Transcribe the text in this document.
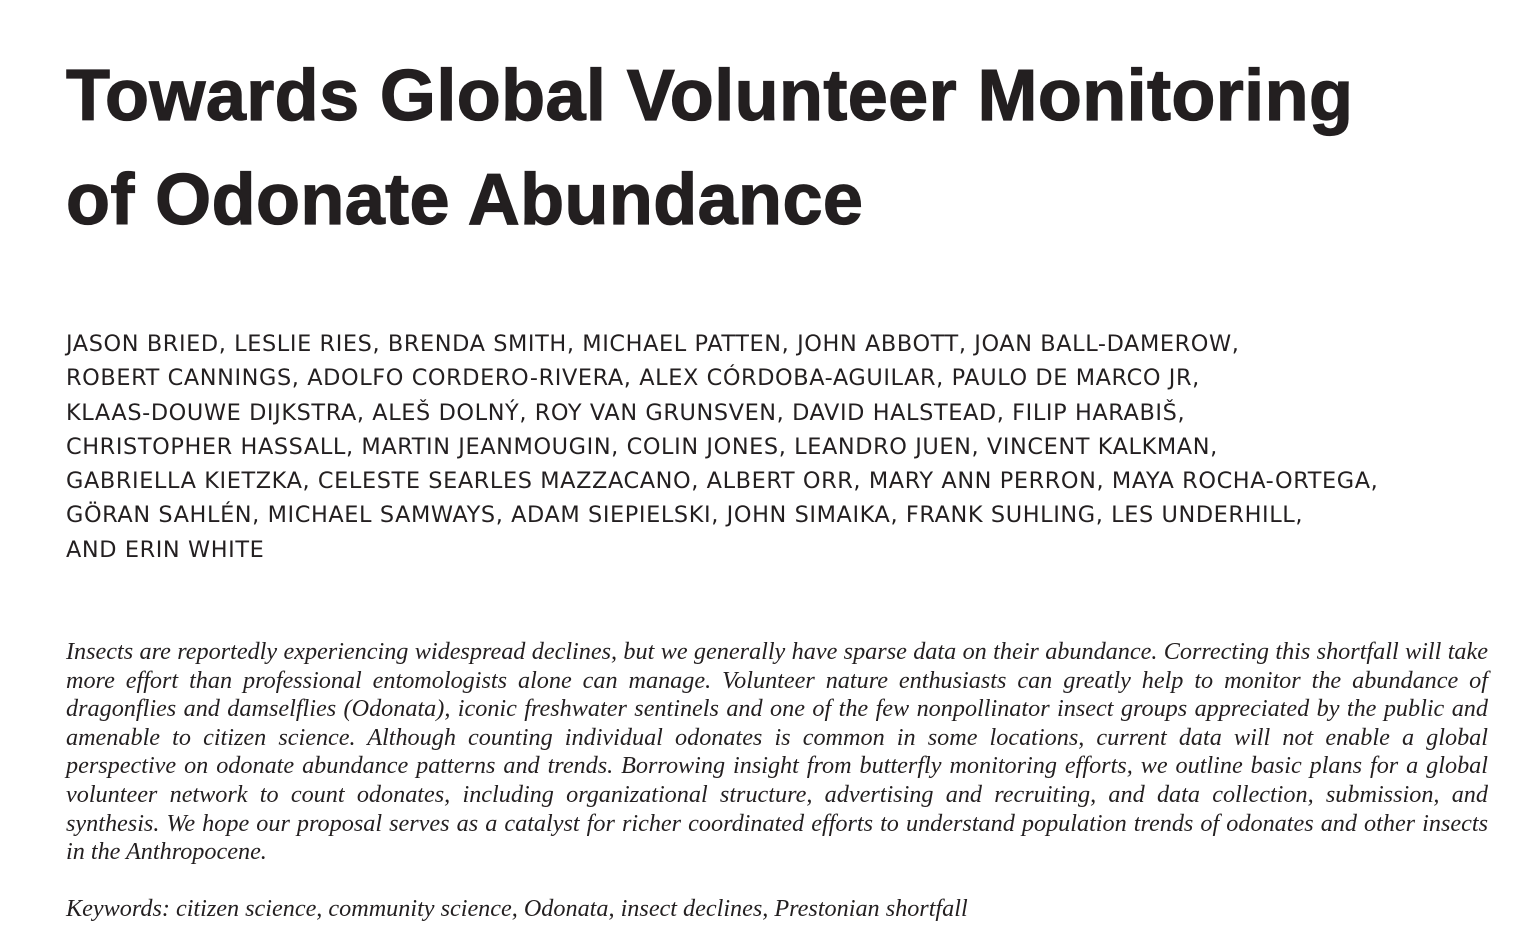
Towards Global Volunteer Monitoring
of Odonate Abundance
JASON BRIED, LESLIE RIES, BRENDA SMITH, MICHAEL PATTEN, JOHN ABBOTT, JOAN BALL-DAMEROW,
ROBERT CANNINGS, ADOLFO CORDERO-RIVERA, ALEX CÓRDOBA-AGUILAR, PAULO DE MARCO JR,
KLAAS-DOUWE DIJKSTRA, ALEŠ DOLNÝ, ROY VAN GRUNSVEN, DAVID HALSTEAD, FILIP HARABIŠ,
CHRISTOPHER HASSALL, MARTIN JEANMOUGIN, COLIN JONES, LEANDRO JUEN, VINCENT KALKMAN,
GABRIELLA KIETZKA, CELESTE SEARLES MAZZACANO, ALBERT ORR, MARY ANN PERRON, MAYA ROCHA-ORTEGA,
GÖRAN SAHLÉN, MICHAEL SAMWAYS, ADAM SIEPIELSKI, JOHN SIMAIKA, FRANK SUHLING, LES UNDERHILL,
AND ERIN WHITE

Insects are reportedly experiencing widespread declines, but we generally have sparse data on their abundance. Correcting this shortfall will take more effort than professional entomologists alone can manage. Volunteer nature enthusiasts can greatly help to monitor the abundance of dragonflies and damselflies (Odonata), iconic freshwater sentinels and one of the few nonpollinator insect groups appreciated by the public and amenable to citizen science. Although counting individual odonates is common in some locations, current data will not enable a global perspective on odonate abundance patterns and trends. Borrowing insight from butterfly monitoring efforts, we outline basic plans for a global volunteer network to count odonates, including organizational structure, advertising and recruiting, and data collection, submission, and synthesis. We hope our proposal serves as a catalyst for richer coordinated efforts to understand population trends of odonates and other insects in the Anthropocene.

Keywords: citizen science, community science, Odonata, insect declines, Prestonian shortfall
